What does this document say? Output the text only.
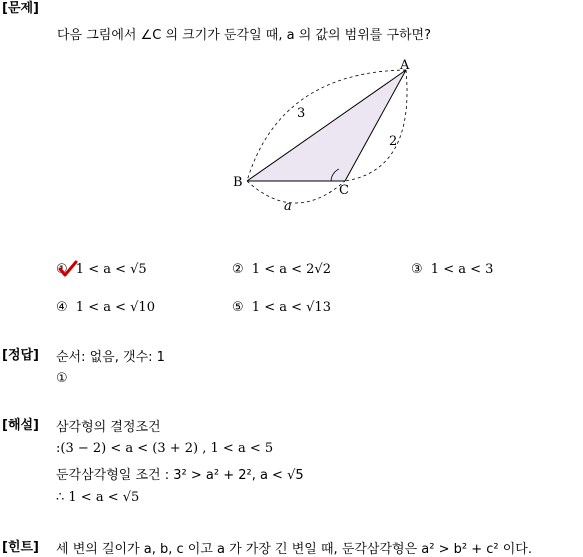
[문제]
다음 그림에서 ∠C 의 크기가 둔각일 때, a 의 값의 범위를 구하면?
A
B
C
3
2
a
① 1 < a < √5	② 1 < a < 2√2	③ 1 < a < 3
④ 1 < a < √10	⑤ 1 < a < √13
[정답] 순서: 없음, 갯수: 1
①
[해설] 삼각형의 결정조건
:(3 − 2) < a < (3 + 2) , 1 < a < 5
둔각삼각형일 조건 : 3² > a² + 2², a < √5
∴ 1 < a < √5
[힌트] 세 변의 길이가 a, b, c 이고 a 가 가장 긴 변일 때, 둔각삼각형은 a² > b² + c² 이다.
